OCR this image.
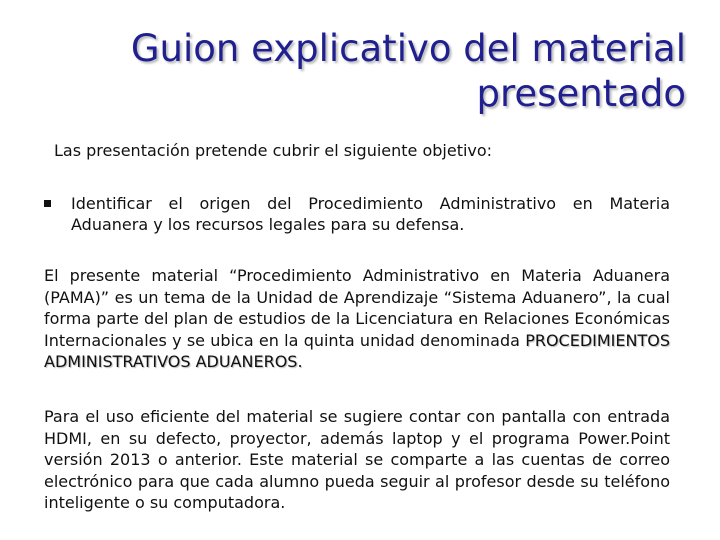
Guion explicativo del material
presentado
Las presentación pretende cubrir el siguiente objetivo:
Identificar el origen del Procedimiento Administrativo en Materia Aduanera y los recursos legales para su defensa.
El presente material “Procedimiento Administrativo en Materia Aduanera (PAMA)” es un tema de la Unidad de Aprendizaje “Sistema Aduanero”, la cual forma parte del plan de estudios de la Licenciatura en Relaciones Económicas Internacionales y se ubica en la quinta unidad denominada PROCEDIMIENTOS ADMINISTRATIVOS ADUANEROS.
Para el uso eficiente del material se sugiere contar con pantalla con entrada HDMI, en su defecto, proyector, además laptop y el programa Power.Point versión 2013 o anterior. Este material se comparte a las cuentas de correo electrónico para que cada alumno pueda seguir al profesor desde su teléfono inteligente o su computadora.
